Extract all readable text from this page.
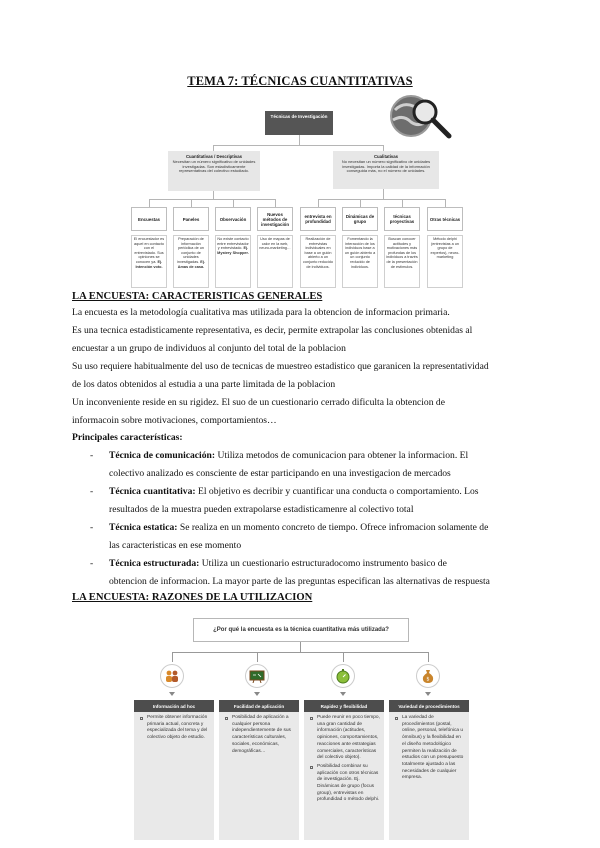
TEMA 7: TÉCNICAS CUANTITATIVAS
Técnicas de Investigación
Cuantitativas / Descriptivas
Necesitan un número significativo de unidades investigadas. Son estadísticamente representativas del colectivo estudiado.
Cualitativas
No necesitan un número significativo de unidades investigadas. Importa la calidad de la información conseguida más, no el número de unidades.
Encuestas	Paneles	Observación
Nuevos métodos de investigación
entrevista en profundidad
Dinámicas de grupo
técnicas proyectivas	Otras técnicas
El encuestador es aquel en contacto con el entrevistado. Sus opiniones se conocen ya. Ej. Intención voto.
Preparación de información periódica de un conjunto de unidades investigadas. Ej. Amas de casa.
No existe contacto entre entrevistador y entrevistado. Ej. Mystery Shopper.
Uso de mapas de calor en la web, neuro-marketing…
Realización de entrevistas individuales en base a un guión abierto a un conjunto reducido de individuos.
Fomentando la interacción de los individuos base a un guión abierto a un conjunto reducido de individuos.
Buscan conocer actitudes y motivaciones más profundas de los individuos a través de la presentación de estímulos.
Método delphi (entrevistas a un grupo de expertos), neuro-marketing
LA ENCUESTA: CARACTERISTICAS GENERALES
La encuesta es la metodología cualitativa mas utilizada para la obtencion de informacion primaria.
Es una tecnica estadisticamente representativa, es decir, permite extrapolar las conclusiones obtenidas al
encuestar a un grupo de individuos al conjunto del total de la poblacion
Su uso requiere habitualmente del uso de tecnicas de muestreo estadistico que garanicen la representatividad
de los datos obtenidos al estudia a una parte limitada de la poblacion
Un inconveniente reside en su rigidez. El suo de un cuestionario cerrado dificulta la obtencion de
informacoin sobre motivaciones, comportamientos…
Principales características:
- Técnica de comunicación: Utiliza metodos de comunicacion para obtener la informacion. El
colectivo analizado es consciente de estar participando en una investigacion de mercados
- Técnica cuantitativa: El objetivo es decribir y cuantificar una conducta o comportamiento. Los
resultados de la muestra pueden extrapolarse estadisticamenre al colectivo total
- Técnica estatica: Se realiza en un momento concreto de tiempo. Ofrece infromacion solamente de
las caracteristicas en ese momento
- Técnica estructurada: Utiliza un cuestionario estructuradocomo instrumento basico de
obtencion de informacion. La mayor parte de las preguntas especifican las alternativas de respuesta
LA ENCUESTA: RAZONES DE LA UTILIZACION
¿Por qué la encuesta es la técnica cuantitativa más utilizada?
$
Información ad hoc	Facilidad de aplicación	Rapidez y flexibilidad	Variedad de procedimientos
Permite obtener información primaria actual, concreta y especializada del tema y del colectivo objeto de estudio.
Posibilidad de aplicación a cualquier persona independientemente de sus características culturales, sociales, económicas, demográficas…
Puede reunir en poco tiempo, una gran cantidad de información (actitudes, opiniones, comportamientos, reacciones ante estrategias comerciales, características del colectivo objeto).
Posibilidad combinar su aplicación con otros técnicas de investigación. Ej. Dinámicas de grupo (focus group), entrevistas en profundidad o método delphi.
La variedad de procedimientos (postal, online, personal, telefónica u ómnibus) y la flexibilidad en el diseño metodológico permiten la realización de estudios con un presupuesto totalmente ajustado a las necesidades de cualquier empresa.
